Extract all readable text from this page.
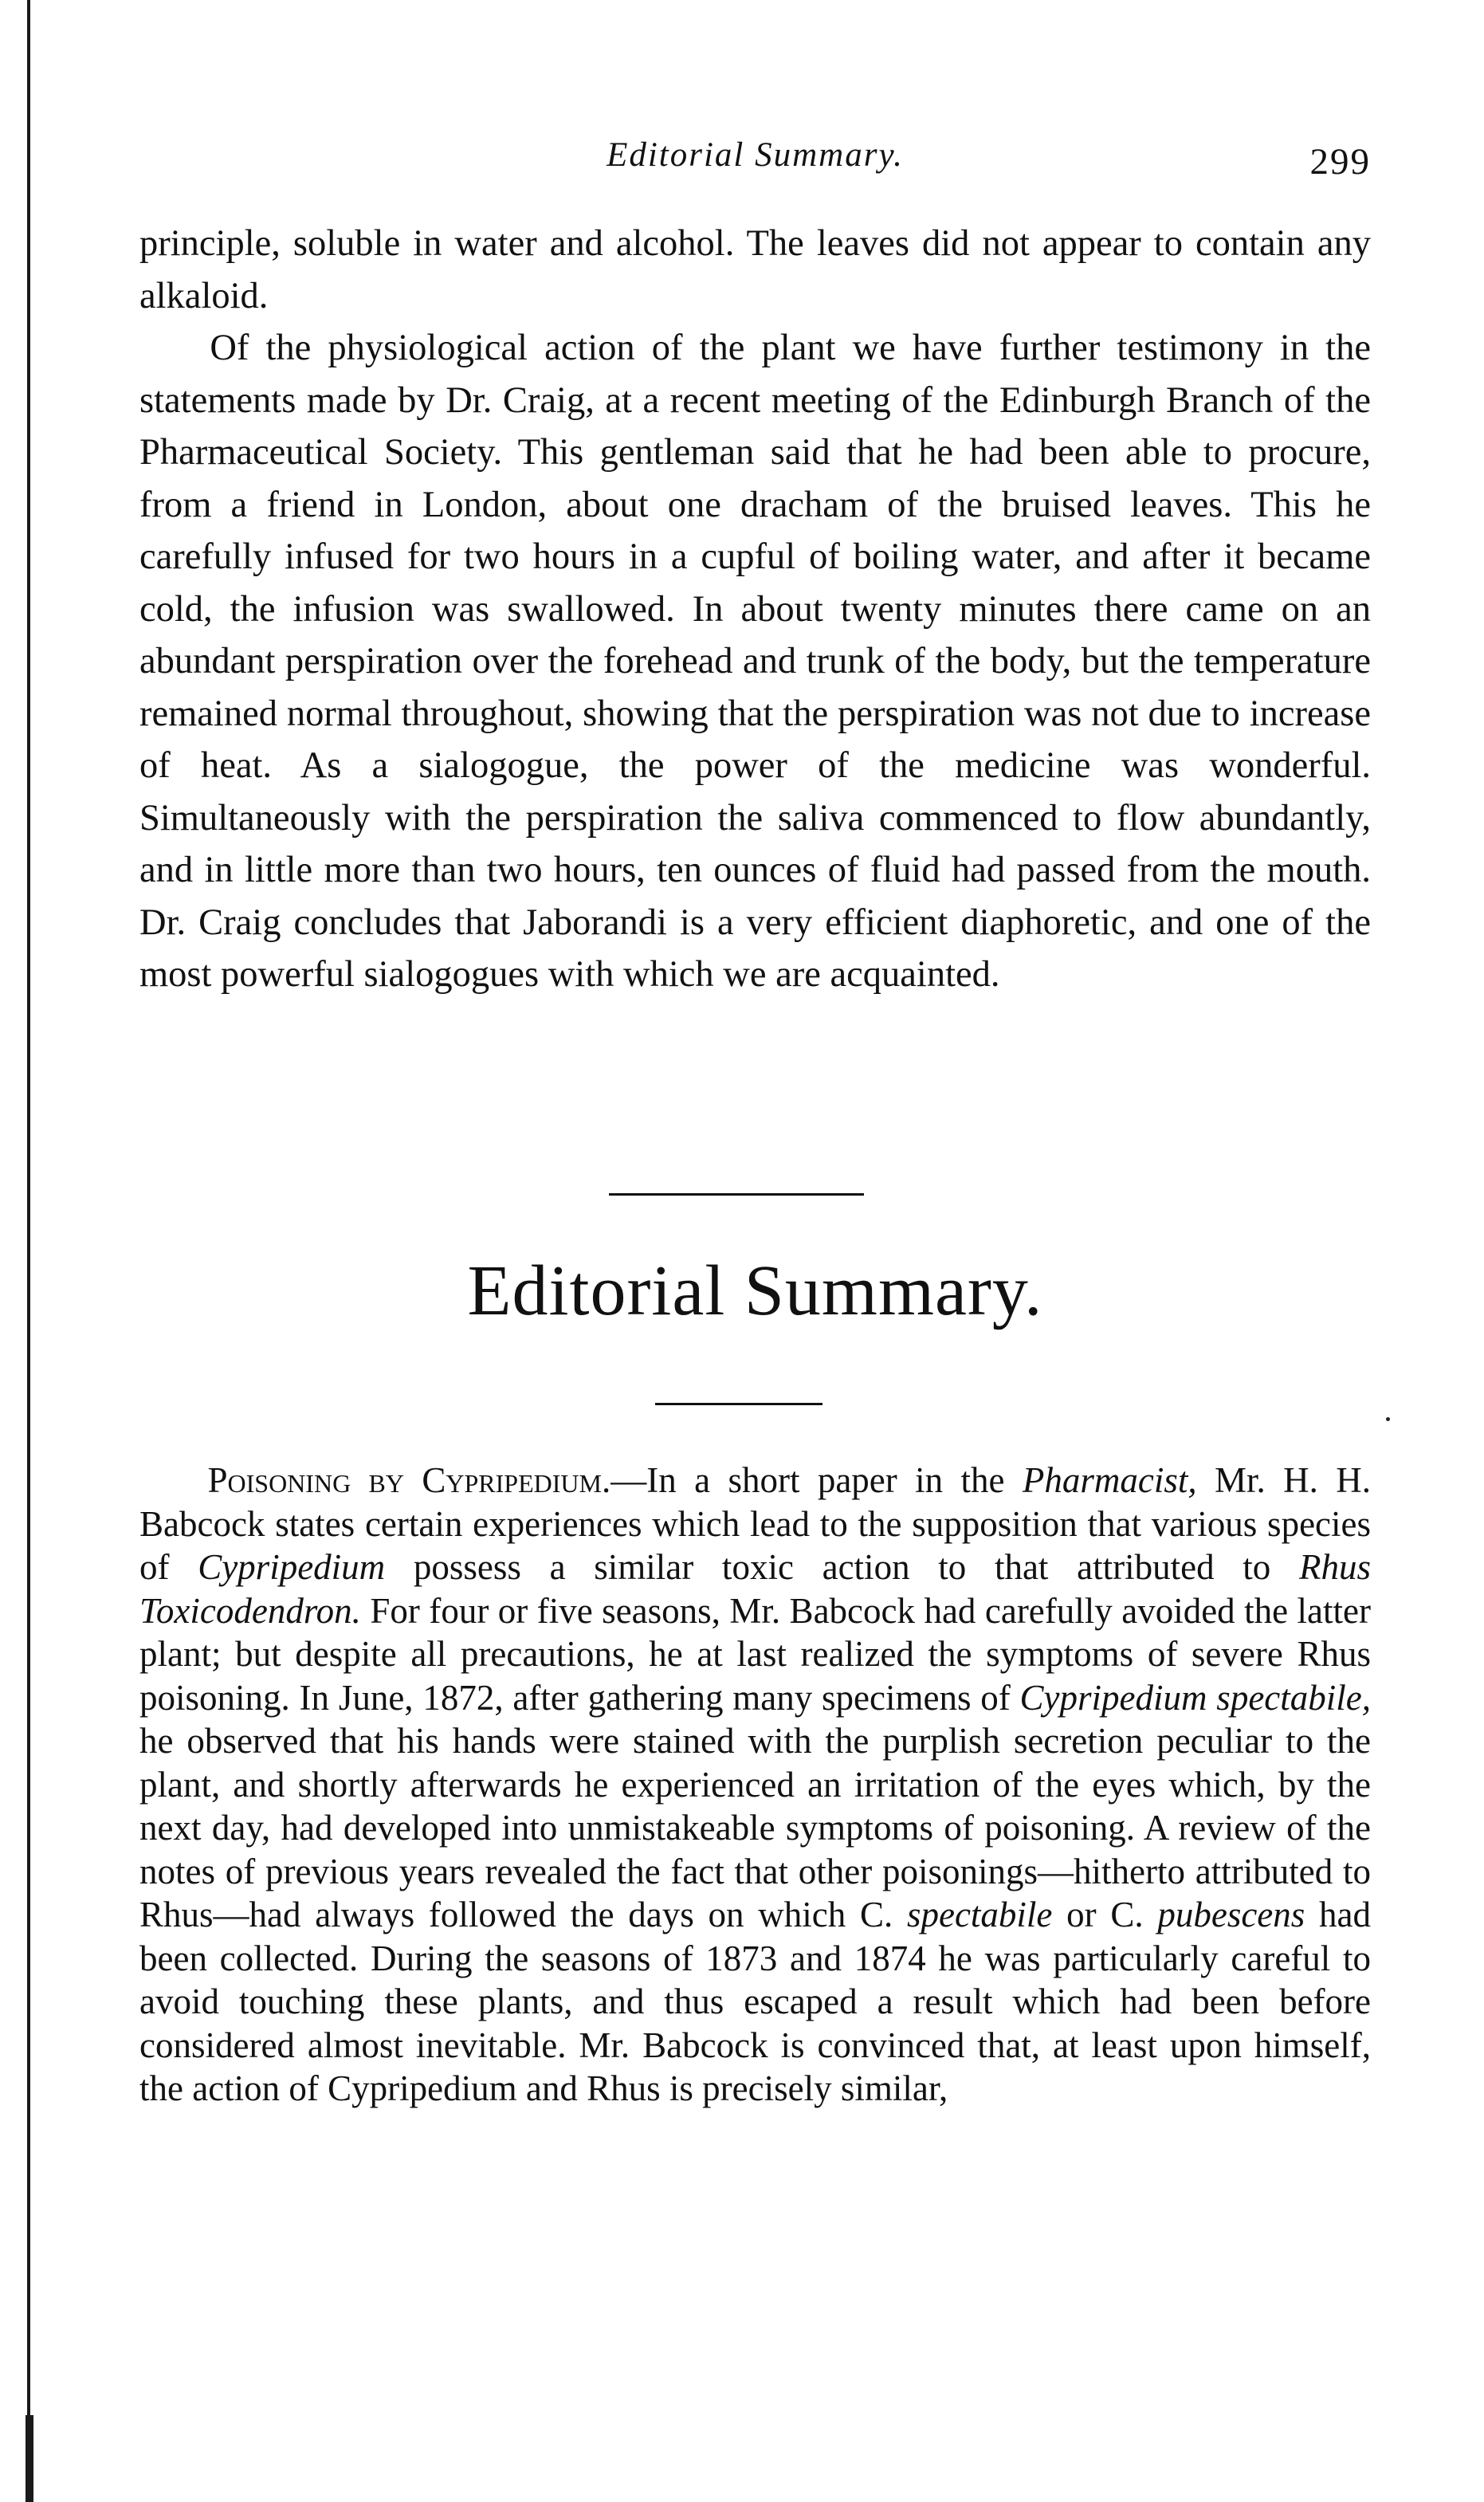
Editorial Summary.	299

principle, soluble in water and alcohol. The leaves did not appear to contain any alkaloid.

Of the physiological action of the plant we have further testimony in the statements made by Dr. Craig, at a recent meeting of the Edinburgh Branch of the Pharmaceutical Society. This gentleman said that he had been able to procure, from a friend in London, about one dracham of the bruised leaves. This he carefully infused for two hours in a cupful of boiling water, and after it became cold, the infusion was swallowed. In about twenty minutes there came on an abundant perspiration over the forehead and trunk of the body, but the temperature remained normal throughout, showing that the perspiration was not due to increase of heat. As a sialogogue, the power of the medicine was wonderful. Simultaneously with the perspiration the saliva commenced to flow abundantly, and in little more than two hours, ten ounces of fluid had passed from the mouth. Dr. Craig concludes that Jaborandi is a very efficient diaphoretic, and one of the most powerful sialogogues with which we are acquainted.

Editorial Summary.

Poisoning by Cypripedium.—In a short paper in the Pharmacist, Mr. H. H. Babcock states certain experiences which lead to the supposition that various species of Cypripedium possess a similar toxic action to that attributed to Rhus Toxicodendron. For four or five seasons, Mr. Babcock had carefully avoided the latter plant; but despite all precautions, he at last realized the symptoms of severe Rhus poisoning. In June, 1872, after gathering many specimens of Cypripedium spectabile, he observed that his hands were stained with the purplish secretion peculiar to the plant, and shortly afterwards he experienced an irritation of the eyes which, by the next day, had developed into unmistakeable symptoms of poisoning. A review of the notes of previous years revealed the fact that other poisonings—hitherto attributed to Rhus—had always followed the days on which C. spectabile or C. pubescens had been collected. During the seasons of 1873 and 1874 he was particularly careful to avoid touching these plants, and thus escaped a result which had been before considered almost inevitable. Mr. Babcock is convinced that, at least upon himself, the action of Cypripedium and Rhus is precisely similar,
